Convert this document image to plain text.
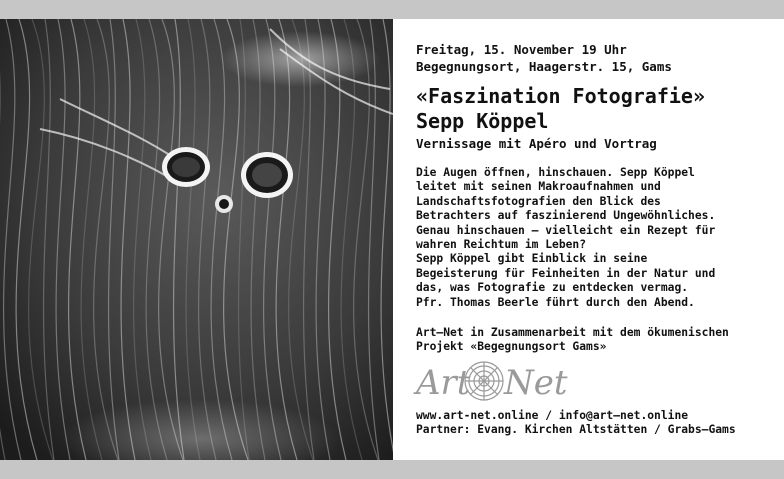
Freitag, 15. November 19 Uhr
Begegnungsort, Haagerstr. 15, Gams
«Faszination Fotografie»
Sepp Köppel
Vernissage mit Apéro und Vortrag
Die Augen öffnen, hinschauen. Sepp Köppel
leitet mit seinen Makroaufnahmen und
Landschaftsfotografien den Blick des
Betrachters auf faszinierend Ungewöhnliches.
Genau hinschauen – vielleicht ein Rezept für
wahren Reichtum im Leben?
Sepp Köppel gibt Einblick in seine
Begeisterung für Feinheiten in der Natur und
das, was Fotografie zu entdecken vermag.
Pfr. Thomas Beerle führt durch den Abend.
Art–Net in Zusammenarbeit mit dem ökumenischen
Projekt «Begegnungsort Gams»
Art Net
www.art-net.online / info@art–net.online
Partner: Evang. Kirchen Altstätten / Grabs–Gams
